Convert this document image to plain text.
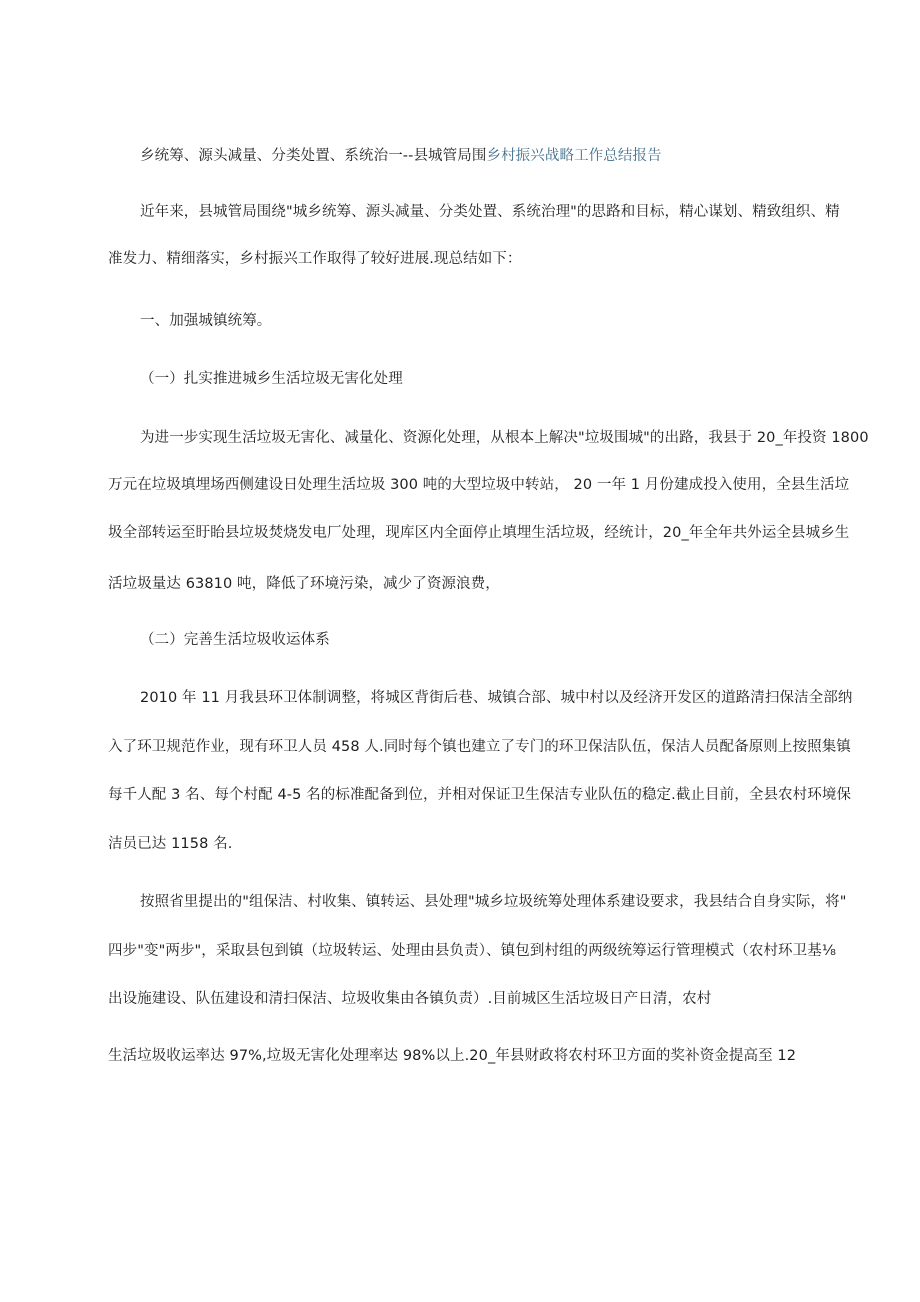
乡统筹、源头减量、分类处置、系统治一--县城管局围乡村振兴战略工作总结报告
近年来，县城管局围绕"城乡统筹、源头减量、分类处置、系统治理"的思路和目标，精心谋划、精致组织、精
准发力、精细落实，乡村振兴工作取得了较好进展.现总结如下：
一、加强城镇统筹。
（一）扎实推进城乡生活垃圾无害化处理
为进一步实现生活垃圾无害化、减量化、资源化处理，从根本上解决"垃圾围城"的出路，我县于 20_年投资 1800
万元在垃圾填埋场西侧建设日处理生活垃圾 300 吨的大型垃圾中转站， 20 一年 1 月份建成投入使用，全县生活垃
圾全部转运至盱眙县垃圾焚烧发电厂处理，现库区内全面停止填埋生活垃圾，经统计，20_年全年共外运全县城乡生
活垃圾量达 63810 吨，降低了环境污染，减少了资源浪费，
（二）完善生活垃圾收运体系
2010 年 11 月我县环卫体制调整，将城区背街后巷、城镇合部、城中村以及经济开发区的道路清扫保洁全部纳
入了环卫规范作业，现有环卫人员 458 人.同时每个镇也建立了专门的环卫保洁队伍，保洁人员配备原则上按照集镇
每千人配 3 名、每个村配 4-5 名的标准配备到位，并相对保证卫生保洁专业队伍的稳定.截止目前，全县农村环境保
洁员已达 1158 名.
按照省里提出的"组保洁、村收集、镇转运、县处理"城乡垃圾统筹处理体系建设要求，我县结合自身实际，将"
四步"变"两步"，采取县包到镇（垃圾转运、处理由县负责）、镇包到村组的两级统筹运行管理模式（农村环卫基⅛
出设施建设、队伍建设和清扫保洁、垃圾收集由各镇负责）.目前城区生活垃圾日产日清，农村
生活垃圾收运率达 97%,垃圾无害化处理率达 98%以上.20_年县财政将农村环卫方面的奖补资金提高至 12
